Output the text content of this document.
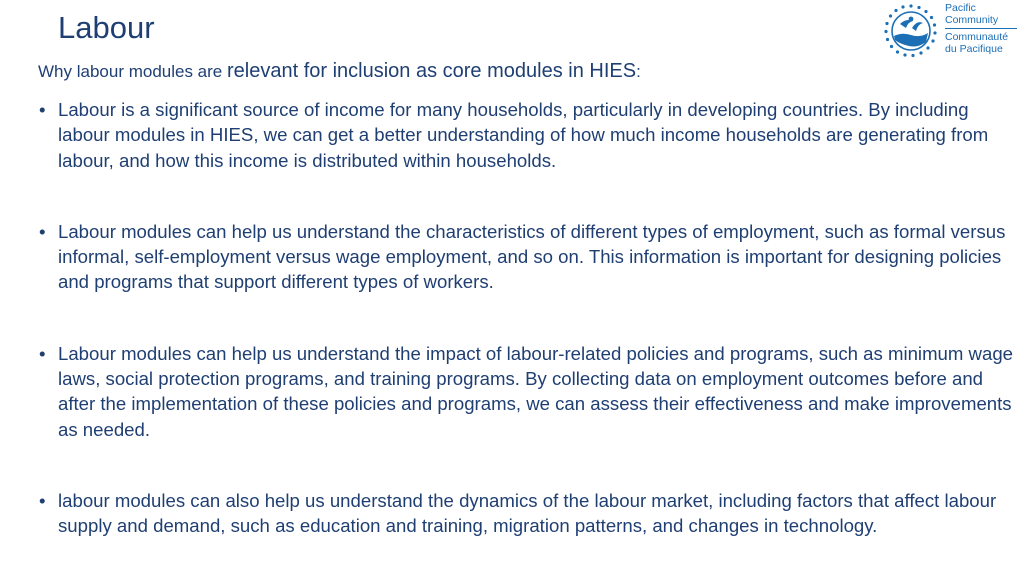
Labour

Why labour modules are relevant for inclusion as core modules in HIES:

Pacific
Community
Communauté
du Pacifique
• Labour is a significant source of income for many households, particularly in developing countries. By including labour modules in HIES, we can get a better understanding of how much income households are generating from labour, and how this income is distributed within households.
• Labour modules can help us understand the characteristics of different types of employment, such as formal versus informal, self-employment versus wage employment, and so on. This information is important for designing policies and programs that support different types of workers.
• Labour modules can help us understand the impact of labour-related policies and programs, such as minimum wage laws, social protection programs, and training programs. By collecting data on employment outcomes before and after the implementation of these policies and programs, we can assess their effectiveness and make improvements as needed.
• labour modules can also help us understand the dynamics of the labour market, including factors that affect labour supply and demand, such as education and training, migration patterns, and changes in technology.
